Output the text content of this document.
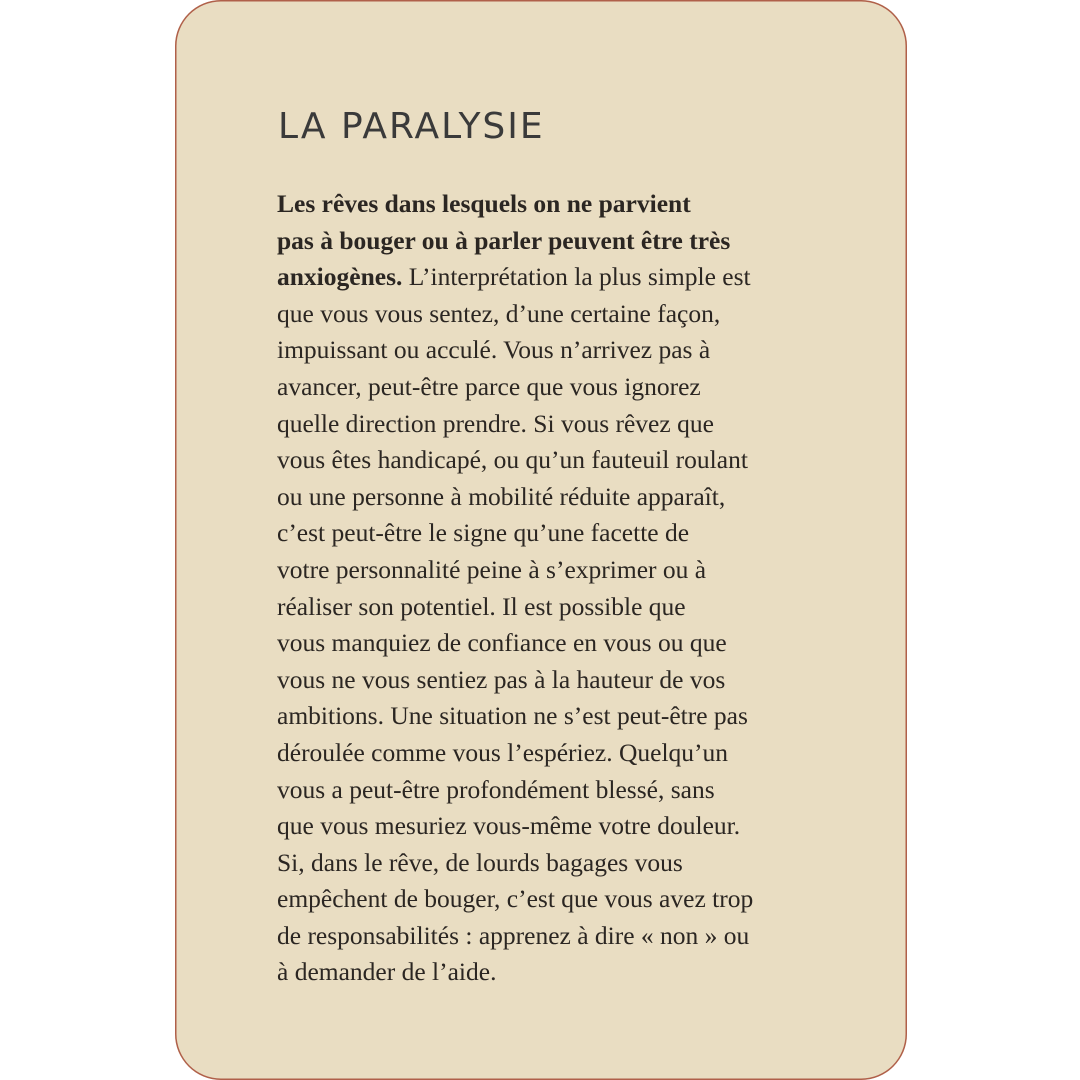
LA PARALYSIE
Les rêves dans lesquels on ne parvient
pas à bouger ou à parler peuvent être très
anxiogènes. L’interprétation la plus simple est
que vous vous sentez, d’une certaine façon,
impuissant ou acculé. Vous n’arrivez pas à
avancer, peut-être parce que vous ignorez
quelle direction prendre. Si vous rêvez que
vous êtes handicapé, ou qu’un fauteuil roulant
ou une personne à mobilité réduite apparaît,
c’est peut-être le signe qu’une facette de
votre personnalité peine à s’exprimer ou à
réaliser son potentiel. Il est possible que
vous manquiez de confiance en vous ou que
vous ne vous sentiez pas à la hauteur de vos
ambitions. Une situation ne s’est peut-être pas
déroulée comme vous l’espériez. Quelqu’un
vous a peut-être profondément blessé, sans
que vous mesuriez vous-même votre douleur.
Si, dans le rêve, de lourds bagages vous
empêchent de bouger, c’est que vous avez trop
de responsabilités : apprenez à dire « non » ou
à demander de l’aide.
